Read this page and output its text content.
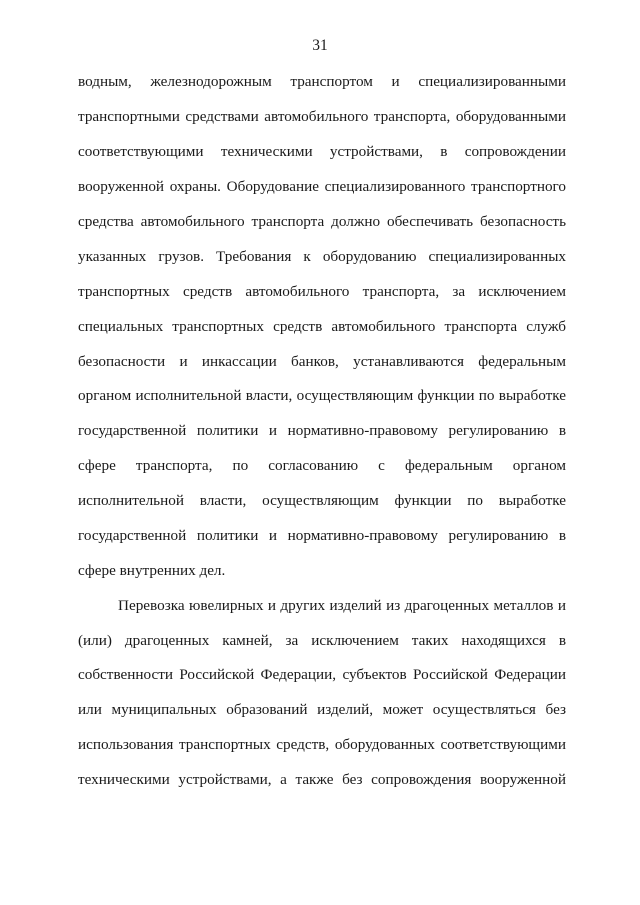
31
водным, железнодорожным транспортом и специализированными
транспортными средствами автомобильного транспорта, оборудованными
соответствующими техническими устройствами, в сопровождении
вооруженной охраны. Оборудование специализированного транспортного
средства автомобильного транспорта должно обеспечивать безопасность
указанных грузов. Требования к оборудованию специализированных
транспортных средств автомобильного транспорта, за исключением
специальных транспортных средств автомобильного транспорта служб
безопасности и инкассации банков, устанавливаются федеральным
органом исполнительной власти, осуществляющим функции по выработке
государственной политики и нормативно-правовому регулированию в
сфере транспорта, по согласованию с федеральным органом
исполнительной власти, осуществляющим функции по выработке
государственной политики и нормативно-правовому регулированию в
сфере внутренних дел.
Перевозка ювелирных и других изделий из драгоценных металлов и
(или) драгоценных камней, за исключением таких находящихся в
собственности Российской Федерации, субъектов Российской Федерации
или муниципальных образований изделий, может осуществляться без
использования транспортных средств, оборудованных соответствующими
техническими устройствами, а также без сопровождения вооруженной
